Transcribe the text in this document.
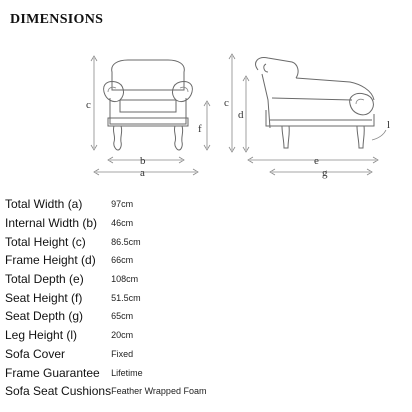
DIMENSIONS
c
f
b
a
c
d
e
g
l
Total Width (a)	97cm
Internal Width (b)	46cm
Total Height (c)	86.5cm
Frame Height (d)	66cm
Total Depth (e)	108cm
Seat Height (f)	51.5cm
Seat Depth (g)	65cm
Leg Height (l)	20cm
Sofa Cover	Fixed
Frame Guarantee	Lifetime
Sofa Seat Cushions	Feather Wrapped Foam
